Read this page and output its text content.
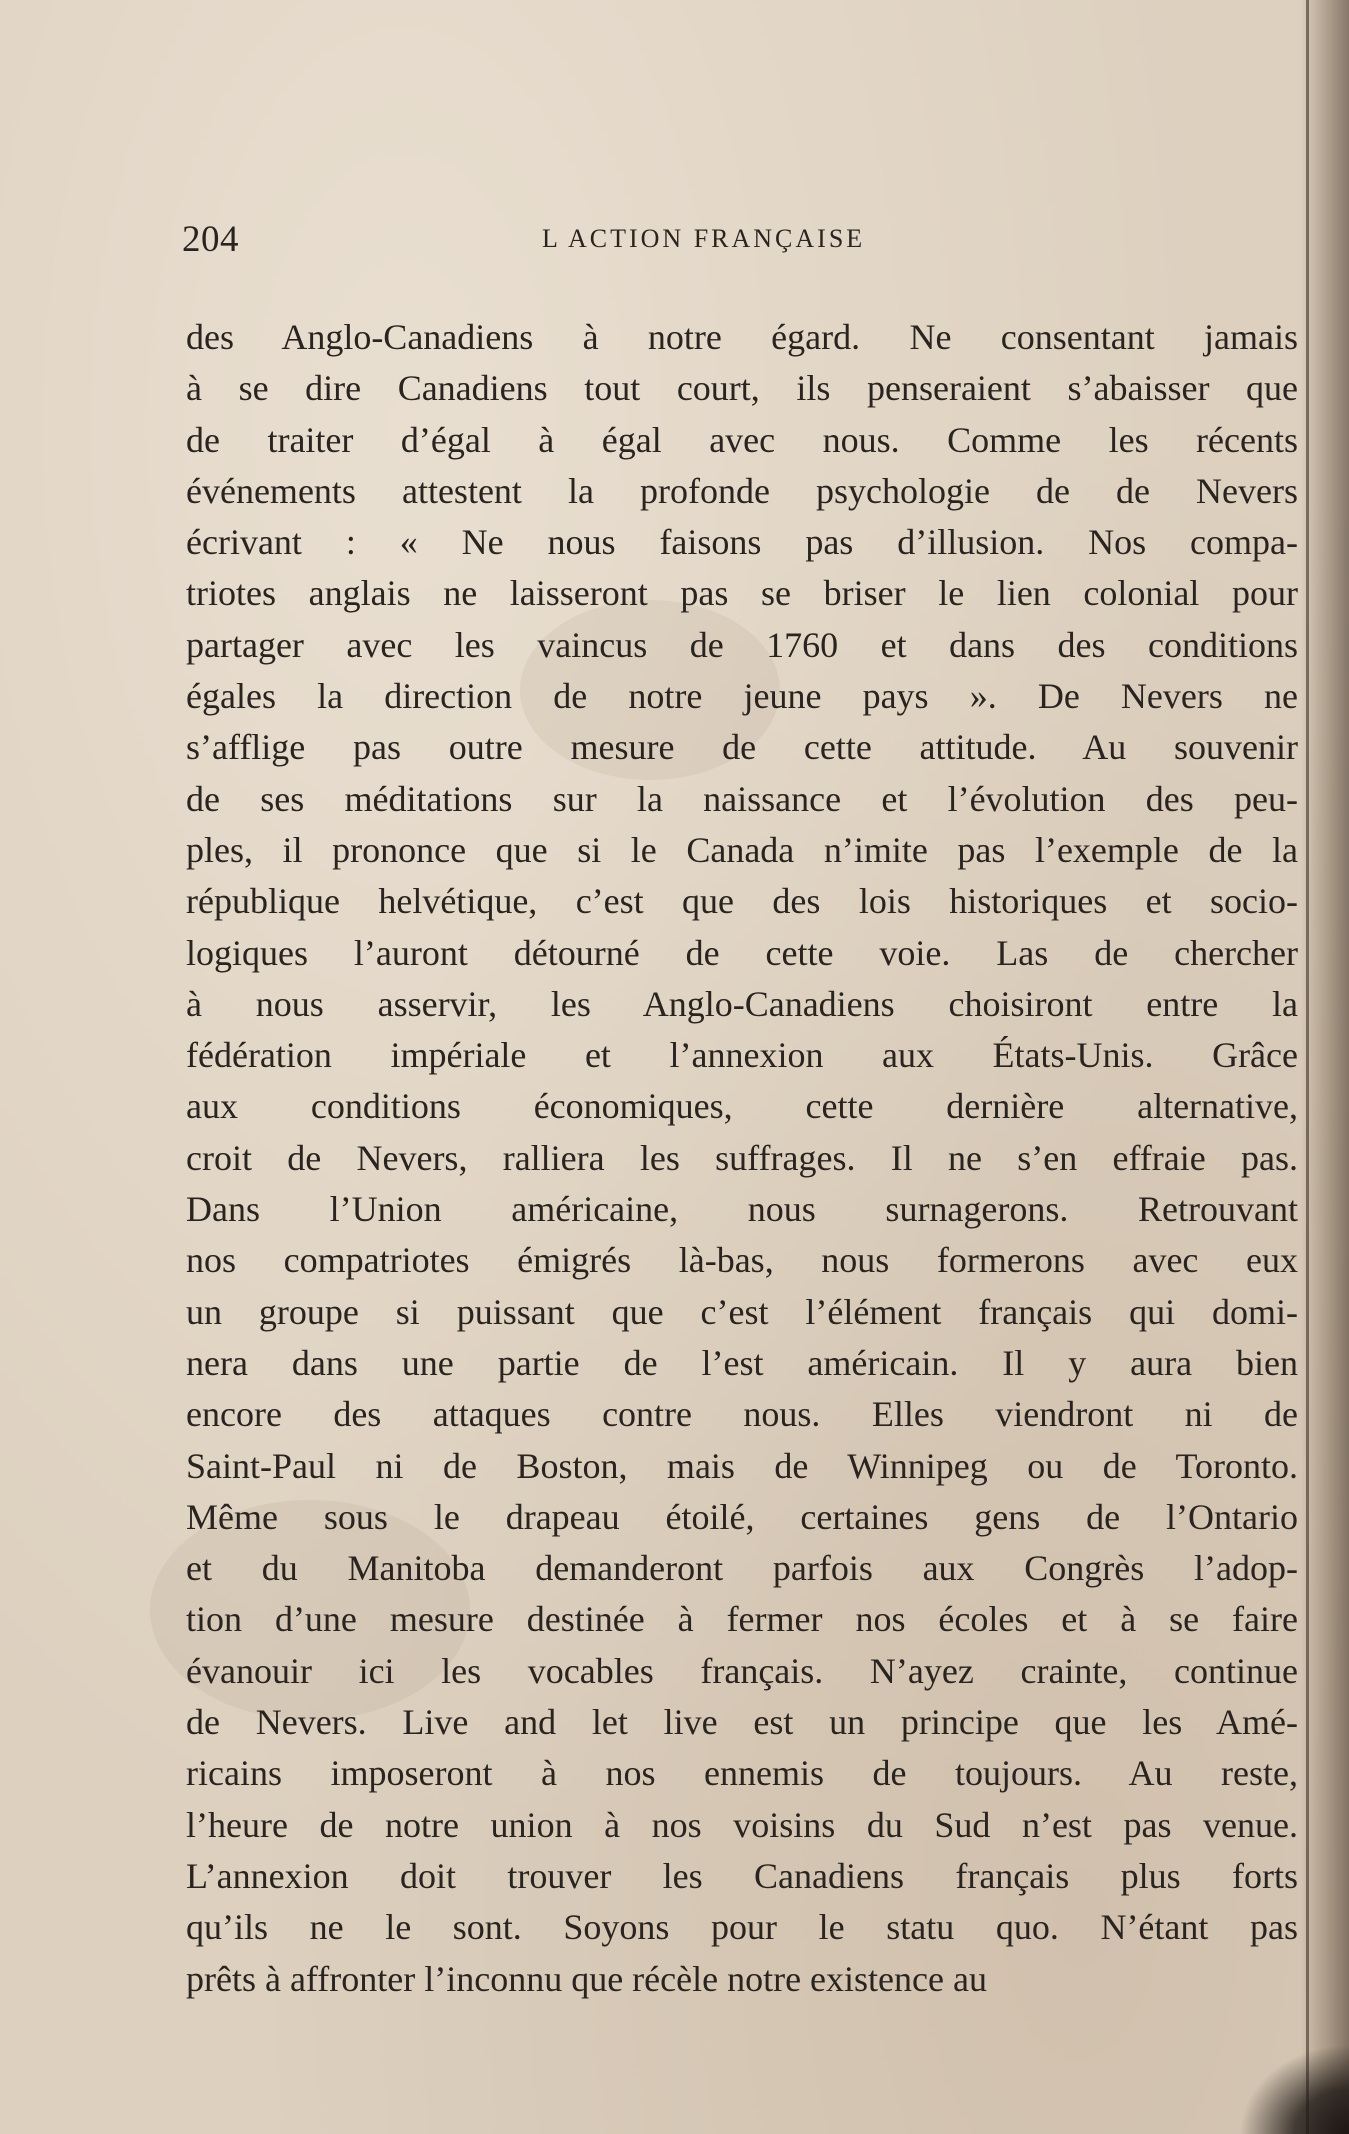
204	L ACTION FRANÇAISE
des Anglo-Canadiens à notre égard. Ne consentant jamais
à se dire Canadiens tout court, ils penseraient s’abaisser que
de traiter d’égal à égal avec nous. Comme les récents
événements attestent la profonde psychologie de de Nevers
écrivant : « Ne nous faisons pas d’illusion. Nos compa-
triotes anglais ne laisseront pas se briser le lien colonial pour
partager avec les vaincus de 1760 et dans des conditions
égales la direction de notre jeune pays ». De Nevers ne
s’afflige pas outre mesure de cette attitude. Au souvenir
de ses méditations sur la naissance et l’évolution des peu-
ples, il prononce que si le Canada n’imite pas l’exemple de la
république helvétique, c’est que des lois historiques et socio-
logiques l’auront détourné de cette voie. Las de chercher
à nous asservir, les Anglo-Canadiens choisiront entre la
fédération impériale et l’annexion aux États-Unis. Grâce
aux conditions économiques, cette dernière alternative,
croit de Nevers, ralliera les suffrages. Il ne s’en effraie pas.
Dans l’Union américaine, nous surnagerons. Retrouvant
nos compatriotes émigrés là-bas, nous formerons avec eux
un groupe si puissant que c’est l’élément français qui domi-
nera dans une partie de l’est américain. Il y aura bien
encore des attaques contre nous. Elles viendront ni de
Saint-Paul ni de Boston, mais de Winnipeg ou de Toronto.
Même sous le drapeau étoilé, certaines gens de l’Ontario
et du Manitoba demanderont parfois aux Congrès l’adop-
tion d’une mesure destinée à fermer nos écoles et à se faire
évanouir ici les vocables français. N’ayez crainte, continue
de Nevers. Live and let live est un principe que les Amé-
ricains imposeront à nos ennemis de toujours. Au reste,
l’heure de notre union à nos voisins du Sud n’est pas venue.
L’annexion doit trouver les Canadiens français plus forts
qu’ils ne le sont. Soyons pour le statu quo. N’étant pas
prêts à affronter l’inconnu que récèle notre existence au
